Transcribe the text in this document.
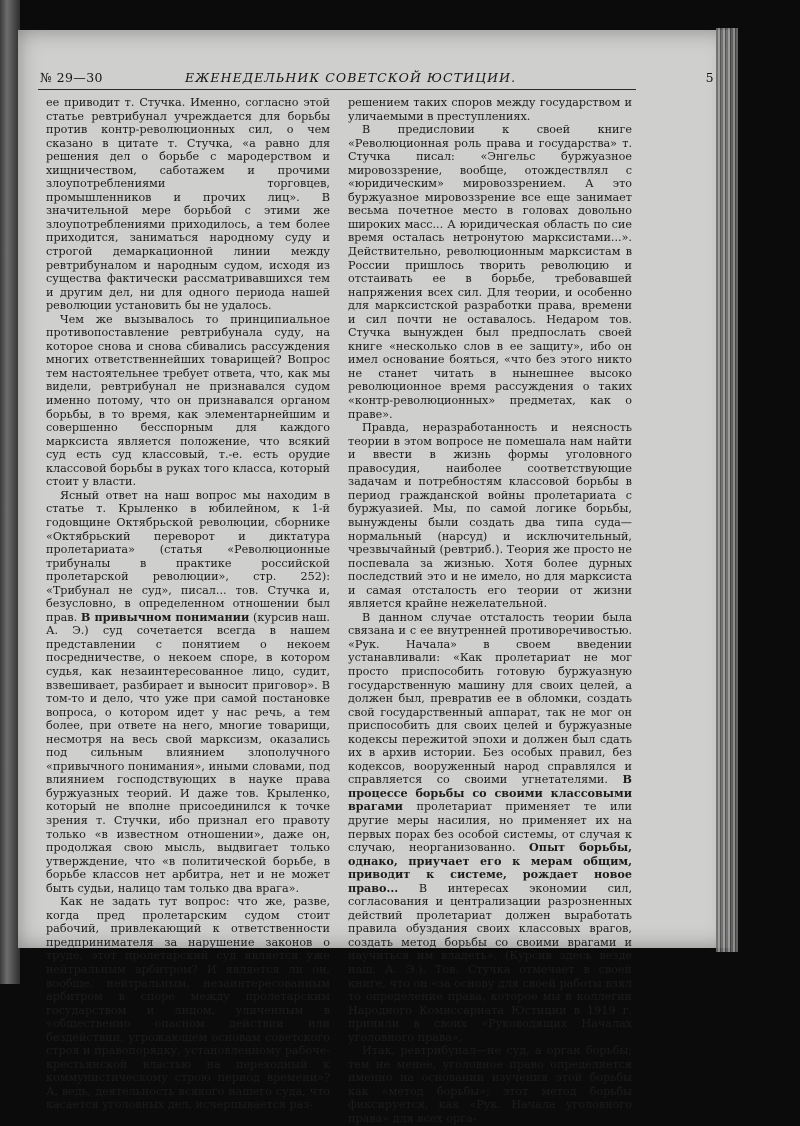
№ 29—30	ЕЖЕНЕДЕЛЬНИК СОВЕТСКОЙ ЮСТИЦИИ.	5

ее приводит т. Стучка. Именно, согласно этой статье ревтрибунал учреждается для борьбы против контр-революционных сил, о чем сказано в цитате т. Стучка, «а равно для решения дел о борьбе с мародерством и хищничеством, саботажем и прочими злоупотреблениями торговцев, промышленников и прочих лиц». В значительной мере борьбой с этими же злоупотреблениями приходилось, а тем более приходится, заниматься народному суду и строгой демаркационной линии между ревтрибуналом и народным судом, исходя из существа фактически рассматривавшихся тем и другим дел, ни для одного периода нашей революции установить бы не удалось.

Чем же вызывалось то принципиальное противопоставление ревтрибунала суду, на которое снова и снова сбивались рассуждения многих ответственнейших товарищей? Вопрос тем настоятельнее требует ответа, что, как мы видели, ревтрибунал не признавался судом именно потому, что он признавался органом борьбы, в то время, как элементарнейшим и совершенно бесспорным для каждого марксиста является положение, что всякий суд есть суд классовый, т.-е. есть орудие классовой борьбы в руках того класса, который стоит у власти.

Ясный ответ на наш вопрос мы находим в статье т. Крыленко в юбилейном, к 1-й годовщине Октябрьской революции, сборнике «Октябрьский переворот и диктатура пролетариата» (статья «Революционные трибуналы в практике российской пролетарской революции», стр. 252): «Трибунал не суд», писал... тов. Стучка и, безусловно, в определенном отношении был прав. В привычном понимании (курсив наш. А. Э.) суд сочетается всегда в нашем представлении с понятием о некоем посредничестве, о некоем споре, в котором судья, как незаинтересованное лицо, судит, взвешивает, разбирает и выносит приговор». В том-то и дело, что уже при самой постановке вопроса, о котором идет у нас речь, а тем более, при ответе на него, многие товарищи, несмотря на весь свой марксизм, оказались под сильным влиянием злополучного «привычного понимания», иными словами, под влиянием господствующих в науке права буржуазных теорий. И даже тов. Крыленко, который не вполне присоединился к точке зрения т. Стучки, ибо признал его правоту только «в известном отношении», даже он, продолжая свою мысль, выдвигает только утверждение, что «в политической борьбе, в борьбе классов нет арбитра, нет и не может быть судьи, налицо там только два врага».

Как не задать тут вопрос: что же, разве, когда пред пролетарским судом стоит рабочий, привлекающий к ответственности предпринимателя за нарушение законов о труде, этот пролетарский суд является уже нейтральным арбитром? И является ли он, вообще, нейтральным, незаинтересованным арбитром в споре между пролетарским государством и лицом, уличенным в «общественно опасном действии или бездействии, угрожающем основам советского строя и правопорядку, установленному рабоче-крестьянской властью на переходный к коммунистическому строю период времени»? А, ведь, деятельность всякого нашего суда, что касается уголовных дел, исчерпывается раз-

решением таких споров между государством и уличаемыми в преступлениях.

В предисловии к своей книге «Революционная роль права и государства» т. Стучка писал: «Энгельс буржуазное мировоззрение, вообще, отождествлял с «юридическим» мировоззрением. А это буржуазное мировоззрение все еще занимает весьма почетное место в головах довольно широких масс... А юридическая область по сие время осталась нетронутою марксистами...». Действительно, революционным марксистам в России пришлось творить революцию и отстаивать ее в борьбе, требовавшей напряжения всех сил. Для теории, и особенно для марксистской разработки права, времени и сил почти не оставалось. Недаром тов. Стучка вынужден был предпослать своей книге «несколько слов в ее защиту», ибо он имел основание бояться, «что без этого никто не станет читать в нынешнее высоко революционное время рассуждения о таких «контр-революционных» предметах, как о праве».

Правда, неразработанность и неясность теории в этом вопросе не помешала нам найти и ввести в жизнь формы уголовного правосудия, наиболее соответствующие задачам и потребностям классовой борьбы в период гражданской войны пролетариата с буржуазией. Мы, по самой логике борьбы, вынуждены были создать два типа суда—нормальный (нарсуд) и исключительный, чрезвычайный (ревтриб.). Теория же просто не поспевала за жизнью. Хотя более дурных последствий это и не имело, но для марксиста и самая отсталость его теории от жизни является крайне нежелательной.

В данном случае отсталость теории была связана и с ее внутренней противоречивостью. «Рук. Начала» в своем введении устанавливали: «Как пролетариат не мог просто приспособить готовую буржуазную государственную машину для своих целей, а должен был, превратив ее в обломки, создать свой государственный аппарат, так не мог он приспособить для своих целей и буржуазные кодексы пережитой эпохи и должен был сдать их в архив истории. Без особых правил, без кодексов, вооруженный народ справлялся и справляется со своими угнетателями. В процессе борьбы со своими классовыми врагами пролетариат применяет те или другие меры насилия, но применяет их на первых порах без особой системы, от случая к случаю, неорганизованно. Опыт борьбы, однако, приучает его к мерам общим, приводит к системе, рождает новое право... В интересах экономии сил, согласования и централизации разрозненных действий пролетариат должен выработать правила обуздания своих классовых врагов, создать метод борьбы со своими врагами и научиться им владеть». (Курсив здесь везде наш. А. Э.). Тов. Стучка отмечает в своей книге, что он «за основу для своей работы взял то определение права, которое мы в коллегии Народного Комиссариата Юстиции в 1919 г. приняли в своих «Руководящих Началах уголовного права».

Итак, ревтрибунал—не суд, а орган борьбы; тем не менее, уголовное право определяется именно на основании изучения этой борьбы как «метод борьбы»; этот метод борьбы фиксируется, как «Рук. Начала уголовного права» для всех орга-
